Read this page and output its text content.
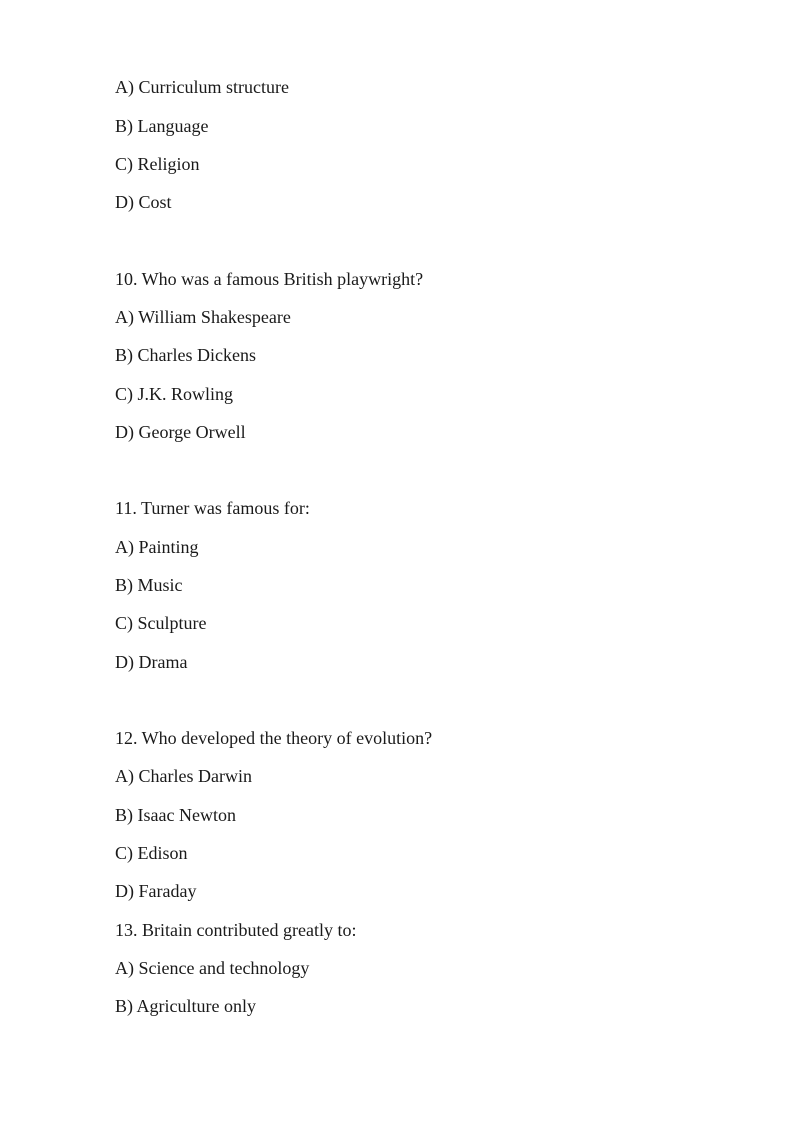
A) Curriculum structure
B) Language
C) Religion
D) Cost
10. Who was a famous British playwright?
A) William Shakespeare
B) Charles Dickens
C) J.K. Rowling
D) George Orwell
11. Turner was famous for:
A) Painting
B) Music
C) Sculpture
D) Drama
12. Who developed the theory of evolution?
A) Charles Darwin
B) Isaac Newton
C) Edison
D) Faraday
13. Britain contributed greatly to:
A) Science and technology
B) Agriculture only
